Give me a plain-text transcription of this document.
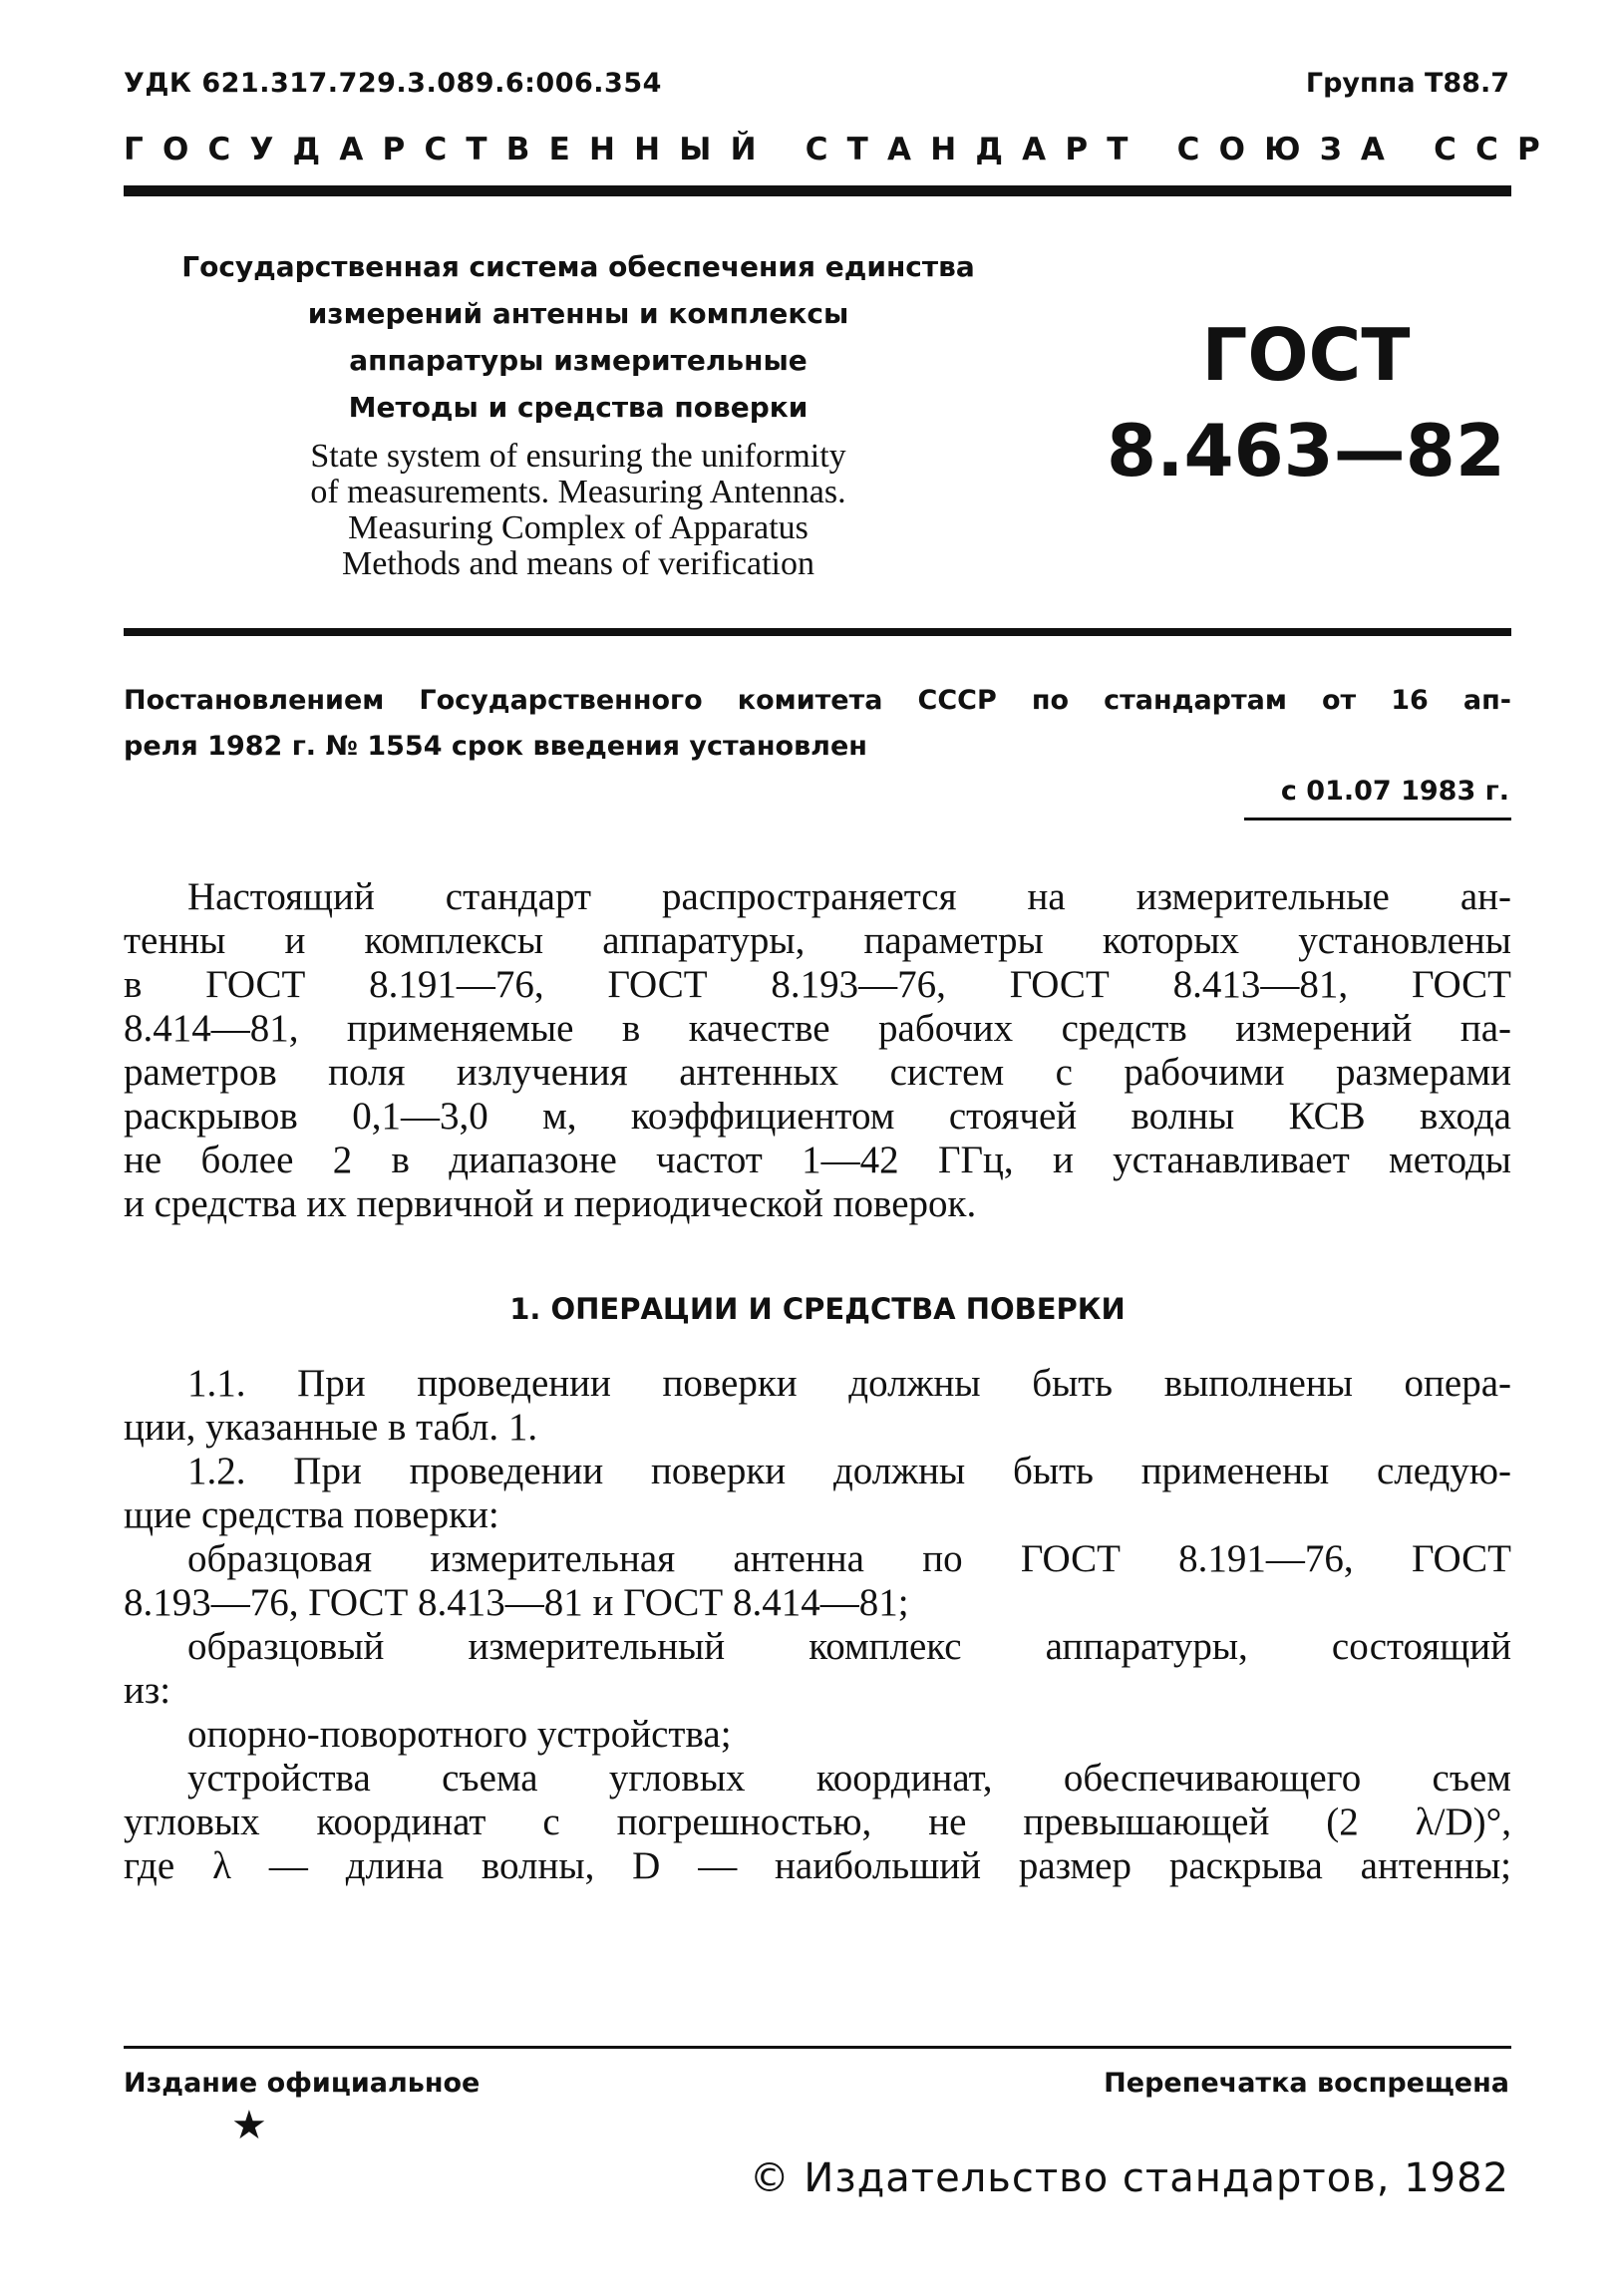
УДК 621.317.729.3.089.6:006.354	Группа Т88.7
ГОСУДАРСТВЕННЫЙ СТАНДАРТ СОЮЗА ССР
Государственная система обеспечения единства
измерений антенны и комплексы
аппаратуры измерительные
Методы и средства поверки
State system of ensuring the uniformity
of measurements. Measuring Antennas.
Measuring Complex of Apparatus
Methods and means of verification
ГОСТ
8.463—82
Постановлением Государственного комитета СССР по стандартам от 16 ап-
реля 1982 г. № 1554 срок введения установлен
с 01.07 1983 г.
Настоящий стандарт распространяется на измерительные ан-
тенны и комплексы аппаратуры, параметры которых установлены
в ГОСТ 8.191—76, ГОСТ 8.193—76, ГОСТ 8.413—81, ГОСТ
8.414—81, применяемые в качестве рабочих средств измерений па-
раметров поля излучения антенных систем с рабочими размерами
раскрывов 0,1—3,0 м, коэффициентом стоячей волны КСВ входа
не более 2 в диапазоне частот 1—42 ГГц, и устанавливает методы
и средства их первичной и периодической поверок.
1. ОПЕРАЦИИ И СРЕДСТВА ПОВЕРКИ
1.1. При проведении поверки должны быть выполнены опера-
ции, указанные в табл. 1.
1.2. При проведении поверки должны быть применены следую-
щие средства поверки:
образцовая измерительная антенна по ГОСТ 8.191—76, ГОСТ
8.193—76, ГОСТ 8.413—81 и ГОСТ 8.414—81;
образцовый измерительный комплекс аппаратуры, состоящий
из:
опорно-поворотного устройства;
устройства съема угловых координат, обеспечивающего съем
угловых координат с погрешностью, не превышающей (2 λ/D)°,
где λ — длина волны, D — наибольший размер раскрыва антенны;
Издание официальное	Перепечатка воспрещена
★
© Издательство стандартов, 1982
